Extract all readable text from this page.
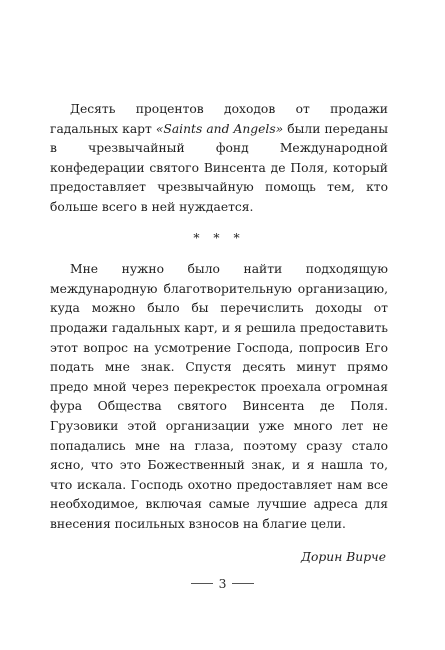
Десять процентов доходов от продажи гадальных карт «Saints and Angels» были переданы в чрезвычайный фонд Международной конфедерации святого Винсента де Поля, который предоставляет чрезвычайную помощь тем, кто больше всего в ней нуждается.

* * *

Мне нужно было найти подходящую международную благотворительную организацию, куда можно было бы перечислить доходы от продажи гадальных карт, и я решила предоставить этот вопрос на усмотрение Господа, попросив Его подать мне знак. Спустя десять минут прямо предо мной через перекресток проехала огромная фура Общества святого Винсента де Поля. Грузовики этой организации уже много лет не попадались мне на глаза, поэтому сразу стало ясно, что это Божественный знак, и я нашла то, что искала. Господь охотно предоставляет нам все необходимое, включая самые лучшие адреса для внесения посильных взносов на благие цели.

Дорин Вирче
3
